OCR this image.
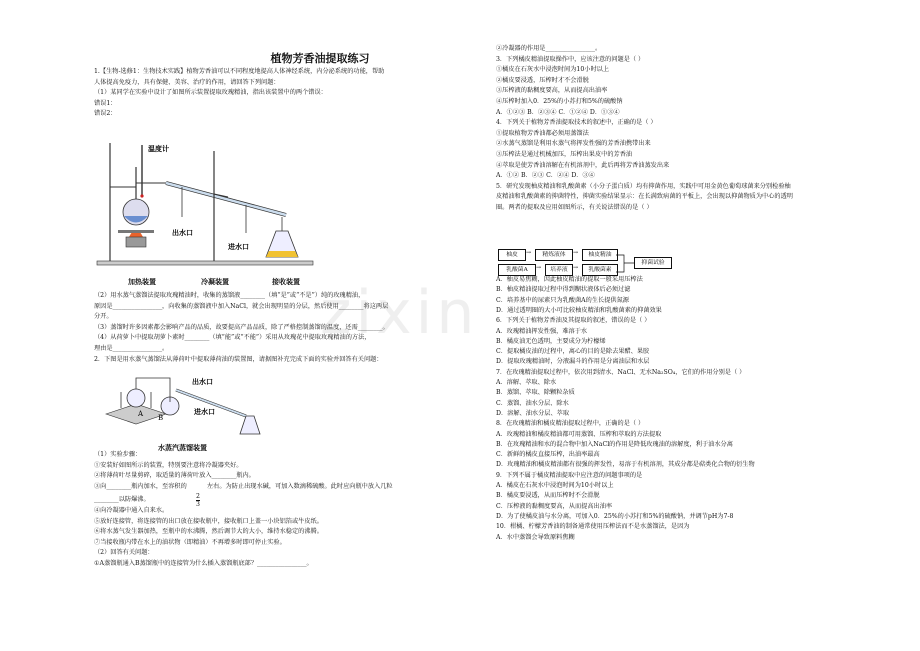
植物芳香油提取练习
zixin
1.【生物-选修1：生物技术实践】植物芳香油可以不同程度地提高人体神经系统，内分泌系统的功能，帮助
人体提高免疫力，具有保健、美容、治疗的作用，请回答下列问题：
（1）某同学在实验中设计了如图所示装置提取玫瑰精油，指出该装置中的两个错误：
错误1：
错误2：
（2）用水蒸气蒸馏法提取玫瑰精油时，收集的蒸馏液________（填“是”或“不是”）纯的玫瑰精油，
原因是________________，向收集的蒸馏液中加入NaCl，就会出现明显的分层，然后使用________将这两层
分开。
（3）蒸馏时许多因素都会影响产品的品质，故要提高产品品质，除了严格控制蒸馏的温度，还需________。
（4）从荷萝卜中提取胡萝卜素时________（填“能”或“不能”）采用从玫瑰花中提取玫瑰精油的方法，
理由是________________。
2．下图是用水蒸气蒸馏法从薄荷叶中提取薄荷油的装置图，请据图补充完成下面的实验并回答有关问题：
温度计
出水口
进水口
加热装置	冷凝装置	接收装置
A B
出水口
进水口
水蒸汽蒸馏装置
（1）实验步骤：
①安装好如图所示的装置，特别要注意将冷凝器夹好。
②将薄荷叶尽量剪碎，取适量的薄荷叶放入________瓶内。
③向________瓶内加水，至容积的	左右。为防止出现水碱，可加入数滴稀硫酸。此时应向瓶中放入几粒
________以防爆沸。
④向冷凝器中通入自来水。
⑤放好连接管，将连接管的出口放在接收瓶中，接收瓶口上盖一小块铝箔或牛皮纸。
⑥将水蒸气发生器加热，至瓶中的水沸腾，然后调节大的大小，维持水稳定的沸腾。
⑦当接收瓶内带在水上的油状物（即精油）不再增多时即可停止实验。
（2）回答有关问题：
①A蒸馏瓶通入B蒸馏瓶中的连接管为什么插入蒸馏瓶底部？________________。
2
3
②冷凝器的作用是________________。
3．下列橘皮精油提取操作中，应该注意的问题是（ ）
①橘皮在石灰水中浸泡时间为10小时以上
②橘皮要浸透，压榨时才不会滑脱
③压榨液的黏稠度要高，从而提高出油率
④压榨时加入0．25%的小苏打和5%的硫酸钠
A．①②③ B．②③④ C．①②④ D．①③④
4．下列关于植物芳香油提取技术的叙述中，正确的是（ ）
①提取植物芳香油都必须用蒸馏法
②水蒸气蒸馏是利用水蒸气将挥发性强的芳香油携带出来
③压榨法是通过机械加压，压榨出果皮中的芳香油
④萃取是使芳香油溶解在有机溶剂中，此后再将芳香油蒸发出来
A．①② B．②③ C．②④ D．③④
5．研究发现柚皮精油和乳酸菌素（小分子蛋白质）均有抑菌作用，实践中可用金黄色葡萄球菌来分别检验柚
皮精油和乳酸菌素的抑菌特性，抑菌实验结果显示：在长满致病菌的平板上，会出现以抑菌物质为中心的透明
圈。两者的提取及应用如图所示，有关说法错误的是（ ）
柚皮	→	精炼液体	→	柚皮精油
乳酸菌A	→	培养液 →	乳酸菌素
抑菌试验
A．柚皮易焦糊，因此柚皮精油的提取一般采用压榨法
B．柚皮精油提取过程中得到糊状液体后必须过滤
C．培养基中的尿素只为乳酸菌A的生长提供氮源
D．通过透明圈的大小可比较柚皮精油和乳酸菌素的抑菌效果
6．下列关于植物芳香油及其提取的叙述，错误的是（ ）
A．玫瑰精油挥发性强，难溶于水
B．橘皮油无色透明，主要成分为柠檬烯
C．提取橘皮油的过程中，离心的目的是除去果醋、果胶
D．提取玫瑰精油时，分液漏斗的作用是分离油层和水层
7．在玫瑰精油提取过程中，依次用到清水、NaCl、无水Na₂SO₄，它们的作用分别是（ ）
A．溶解、萃取、除水
B．蒸馏、萃取、除颗粒杂质
C．蒸馏、油水分层、除水
D．溶解、油水分层、萃取
8．在玫瑰精油和橘皮精油提取过程中，正确的是（ ）
A．玫瑰精油和橘皮精油都可用蒸馏、压榨和萃取的方法提取
B．在玫瑰精油和水的混合物中加入NaCl的作用是降低玫瑰油的溶解度，利于油水分离
C．新鲜的橘皮直接压榨，出油率最高
D．玫瑰精油和橘皮精油都有很强的挥发性，易溶于有机溶剂，其成分都是萜类化合物的衍生物
9．下列不属于橘皮精油提取中应注意的问题事项的是
A．橘皮在石灰水中浸泡时间为10小时以上
B．橘皮要浸透，从而压榨时不会滑脱
C．压榨液的黏稠度要高，从而提高出油率
D．为了使橘皮油与水分离，可加入0．25%的小苏打和5%的硫酸钠，并调节pH为7-8
10．柑橘、柠檬芳香油的制备通常使用压榨法而不是水蒸馏法，是因为
A．水中蒸馏会导致原料焦糊
